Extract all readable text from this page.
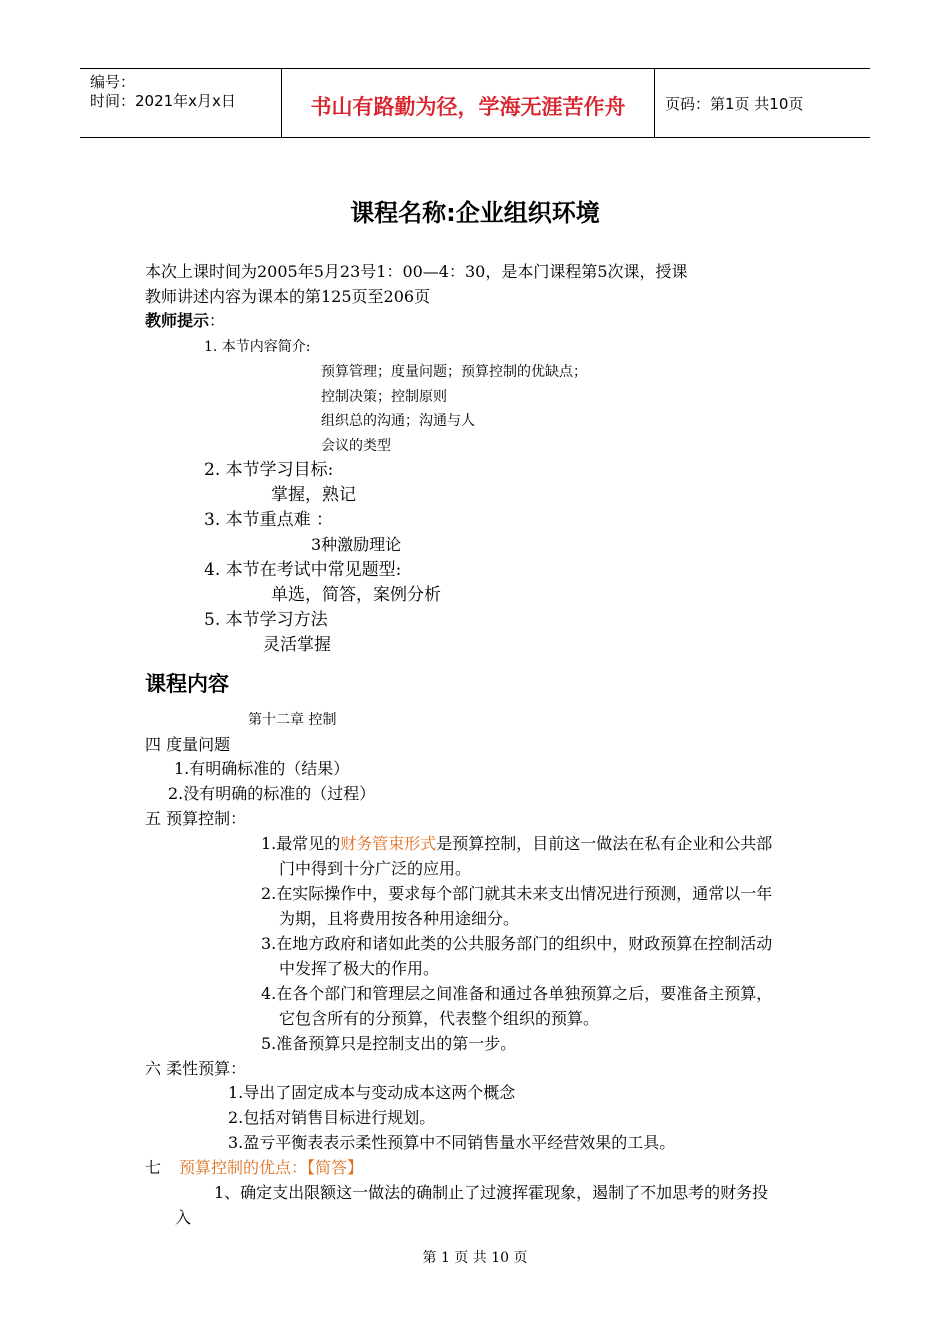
编号：
时间：2021年x月x日	书山有路勤为径，学海无涯苦作舟	页码：第1页 共10页
课程名称:企业组织环境
本次上课时间为2005年5月23号1：00—4：30，是本门课程第5次课，授课
教师讲述内容为课本的第125页至206页
教师提示：
1. 本节内容简介:
预算管理；度量问题；预算控制的优缺点；
控制决策；控制原则
组织总的沟通；沟通与人
会议的类型
2. 本节学习目标:
掌握，熟记
3. 本节重点难 ：
3种激励理论
4. 本节在考试中常见题型:
单选，简答，案例分析
5. 本节学习方法
灵活掌握
课程内容
第十二章 控制
四 度量问题
1.有明确标准的（结果）
2.没有明确的标准的（过程）
五 预算控制：
1.最常见的财务管束形式是预算控制，目前这一做法在私有企业和公共部
门中得到十分广泛的应用。
2.在实际操作中，要求每个部门就其未来支出情况进行预测，通常以一年
为期，且将费用按各种用途细分。
3.在地方政府和诸如此类的公共服务部门的组织中，财政预算在控制活动
中发挥了极大的作用。
4.在各个部门和管理层之间准备和通过各单独预算之后，要准备主预算，
它包含所有的分预算，代表整个组织的预算。
5.准备预算只是控制支出的第一步。
六 柔性预算：
1.导出了固定成本与变动成本这两个概念
2.包括对销售目标进行规划。
3.盈亏平衡表表示柔性预算中不同销售量水平经营效果的工具。
七 预算控制的优点：【简答】
1、确定支出限额这一做法的确制止了过渡挥霍现象，遏制了不加思考的财务投
入
第 1 页 共 10 页
